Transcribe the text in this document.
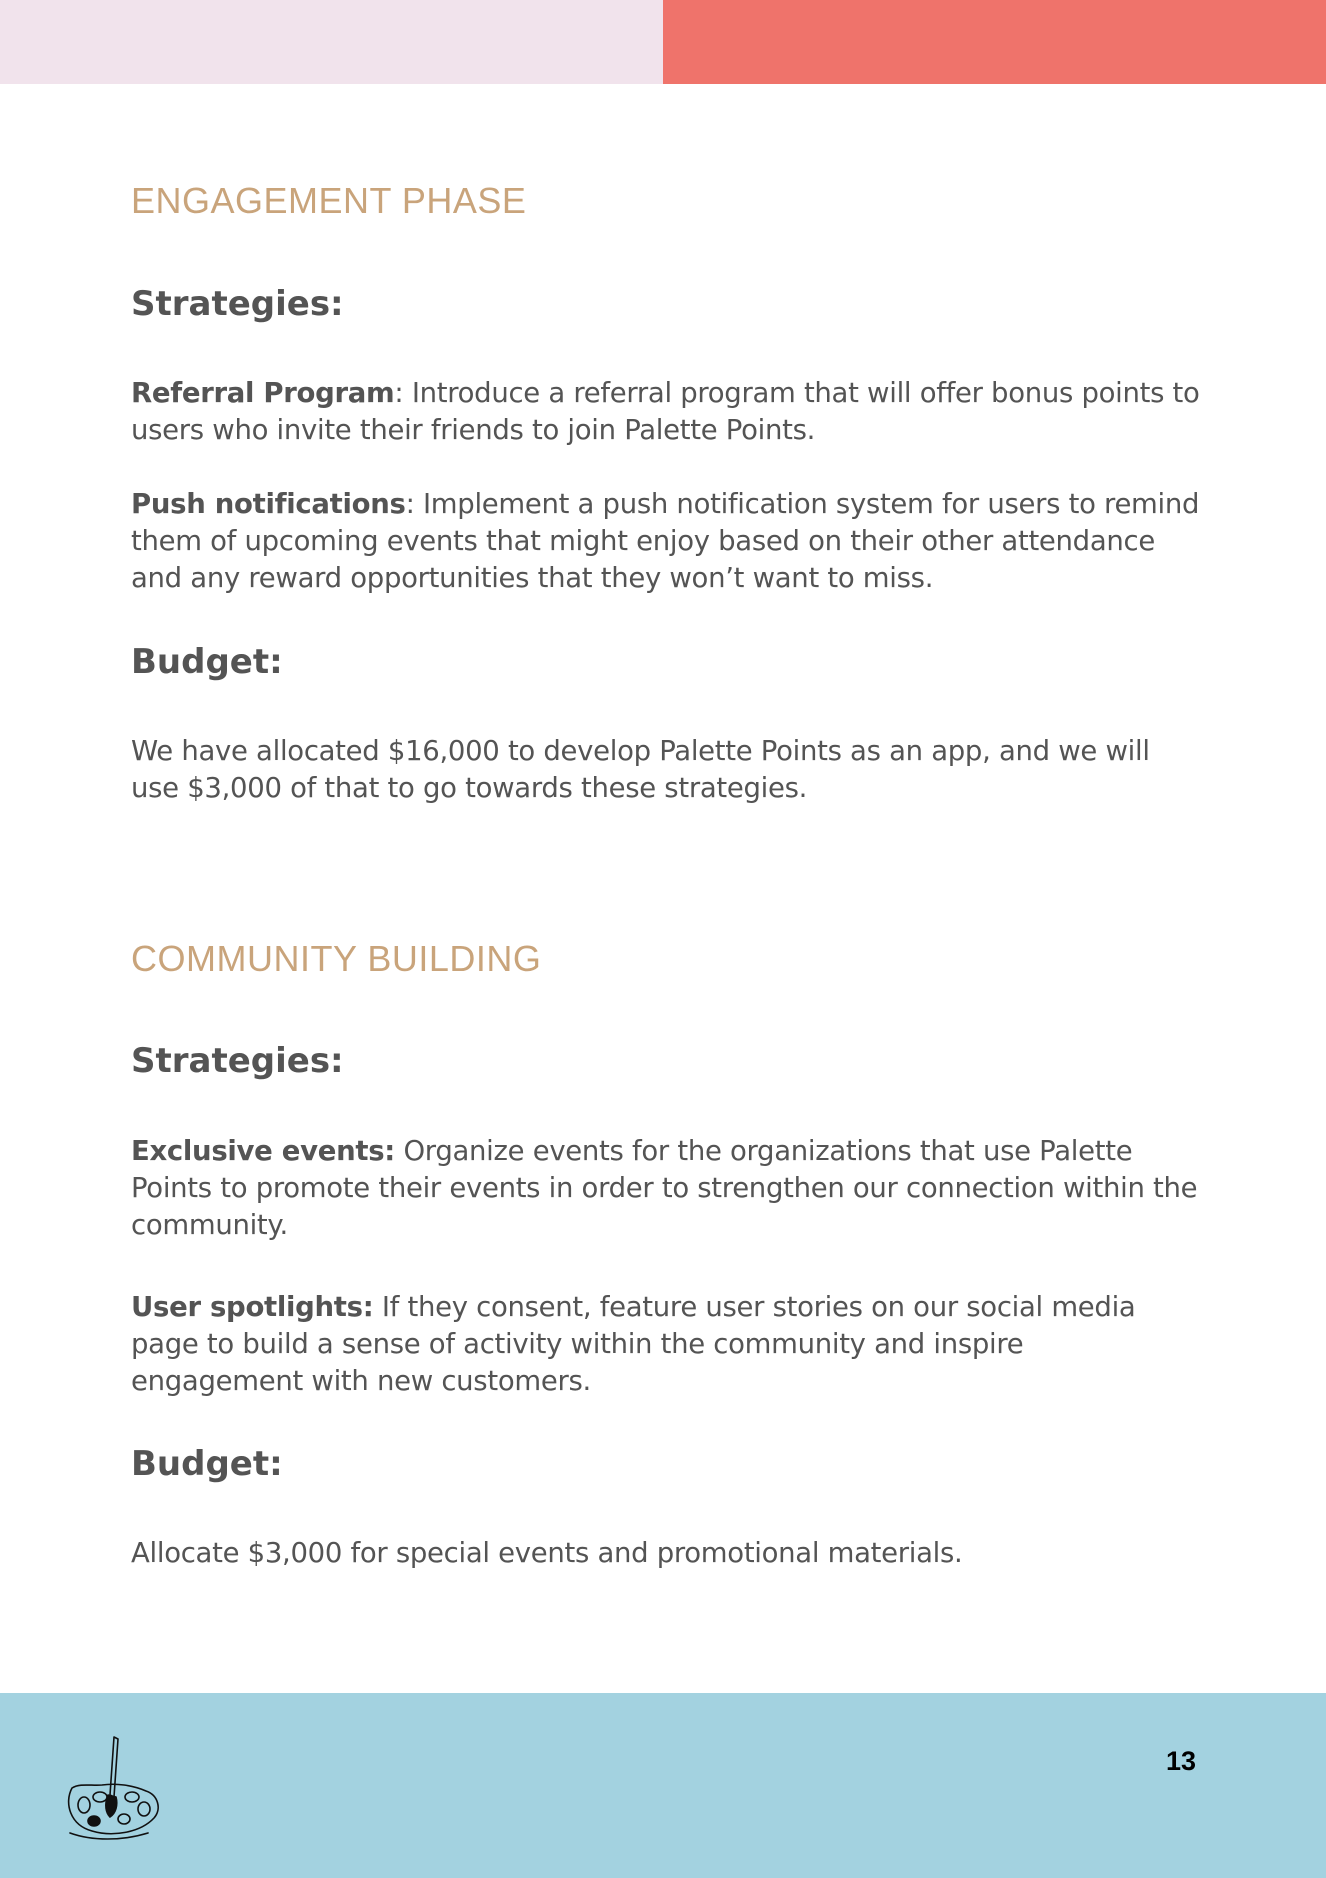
ENGAGEMENT PHASE
Strategies:

Referral Program: Introduce a referral program that will offer bonus points to users who invite their friends to join Palette Points.

Push notifications: Implement a push notification system for users to remind them of upcoming events that might enjoy based on their other attendance and any reward opportunities that they won’t want to miss.

Budget:

We have allocated $16,000 to develop Palette Points as an app, and we will use $3,000 of that to go towards these strategies.

COMMUNITY BUILDING
Strategies:

Exclusive events: Organize events for the organizations that use Palette Points to promote their events in order to strengthen our connection within the community.

User spotlights: If they consent, feature user stories on our social media page to build a sense of activity within the community and inspire engagement with new customers.

Budget:

Allocate $3,000 for special events and promotional materials.

13
